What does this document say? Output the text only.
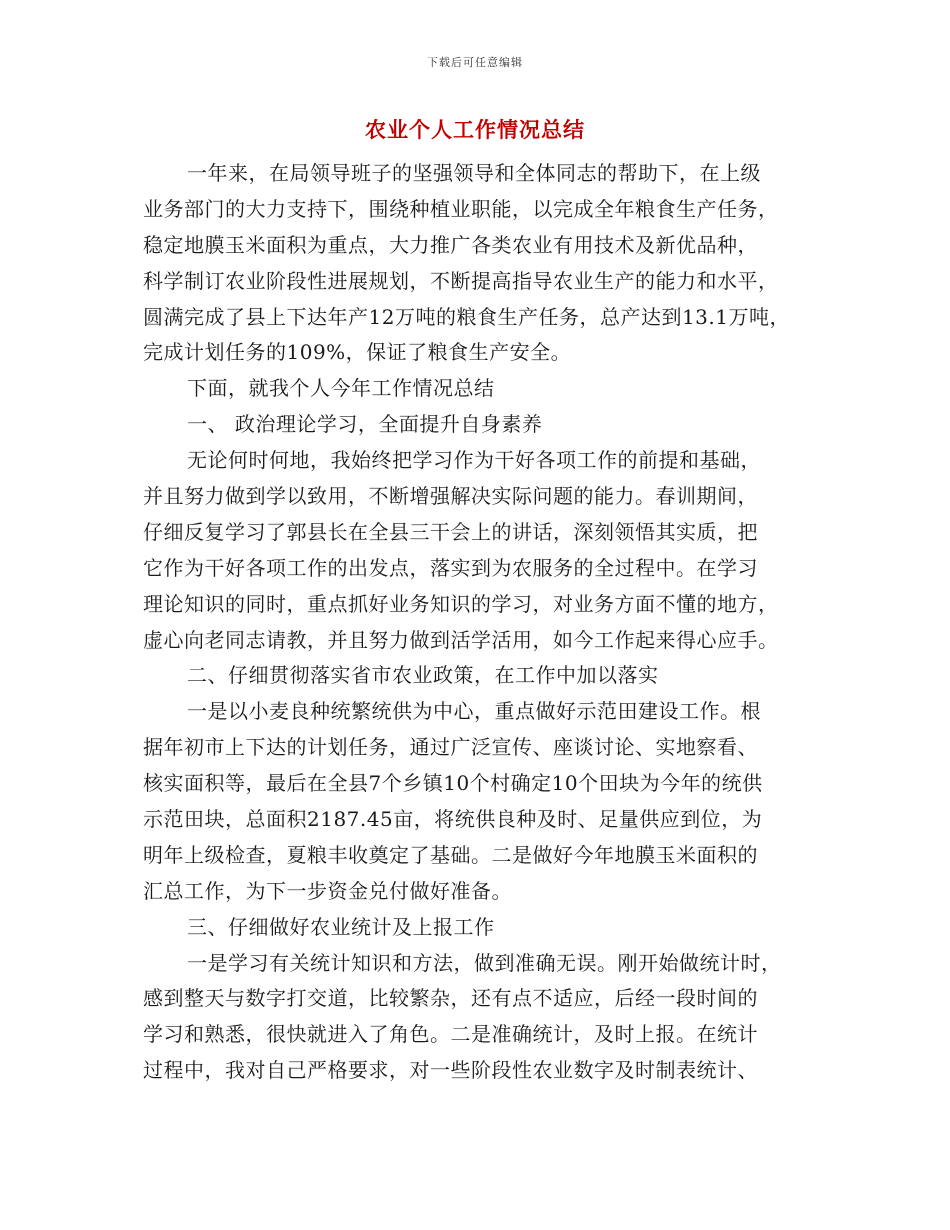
下载后可任意编辑
农业个人工作情况总结
一年来，在局领导班子的坚强领导和全体同志的帮助下，在上级
业务部门的大力支持下，围绕种植业职能，以完成全年粮食生产任务，
稳定地膜玉米面积为重点，大力推广各类农业有用技术及新优品种，
科学制订农业阶段性进展规划，不断提高指导农业生产的能力和水平，
圆满完成了县上下达年产12万吨的粮食生产任务，总产达到13.1万吨，
完成计划任务的109%，保证了粮食生产安全。
下面，就我个人今年工作情况总结
一、 政治理论学习，全面提升自身素养
无论何时何地，我始终把学习作为干好各项工作的前提和基础，
并且努力做到学以致用，不断增强解决实际问题的能力。春训期间，
仔细反复学习了郭县长在全县三干会上的讲话，深刻领悟其实质，把
它作为干好各项工作的出发点，落实到为农服务的全过程中。在学习
理论知识的同时，重点抓好业务知识的学习，对业务方面不懂的地方，
虚心向老同志请教，并且努力做到活学活用，如今工作起来得心应手。
二、仔细贯彻落实省市农业政策，在工作中加以落实
一是以小麦良种统繁统供为中心，重点做好示范田建设工作。根
据年初市上下达的计划任务，通过广泛宣传、座谈讨论、实地察看、
核实面积等，最后在全县7个乡镇10个村确定10个田块为今年的统供
示范田块，总面积2187.45亩，将统供良种及时、足量供应到位，为
明年上级检查，夏粮丰收奠定了基础。二是做好今年地膜玉米面积的
汇总工作，为下一步资金兑付做好准备。
三、仔细做好农业统计及上报工作
一是学习有关统计知识和方法，做到准确无误。刚开始做统计时，
感到整天与数字打交道，比较繁杂，还有点不适应，后经一段时间的
学习和熟悉，很快就进入了角色。二是准确统计，及时上报。在统计
过程中，我对自己严格要求，对一些阶段性农业数字及时制表统计、
